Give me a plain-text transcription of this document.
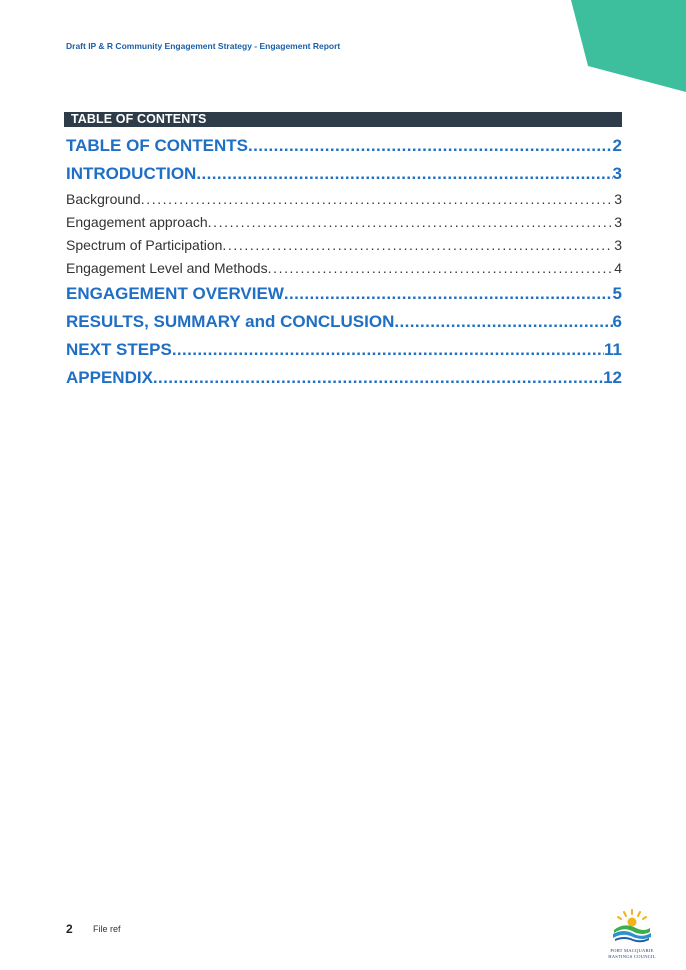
Draft IP & R Community Engagement Strategy - Engagement Report
TABLE OF CONTENTS
TABLE OF CONTENTS .....	2
INTRODUCTION .....	3
Background .....	3
Engagement approach .....	3
Spectrum of Participation .....	3
Engagement Level and Methods .....	4
ENGAGEMENT OVERVIEW .....	5
RESULTS, SUMMARY and CONCLUSION .....	6
NEXT STEPS .....	11
APPENDIX .....	12
2 File ref
PORT MACQUARIE
HASTINGS COUNCIL
